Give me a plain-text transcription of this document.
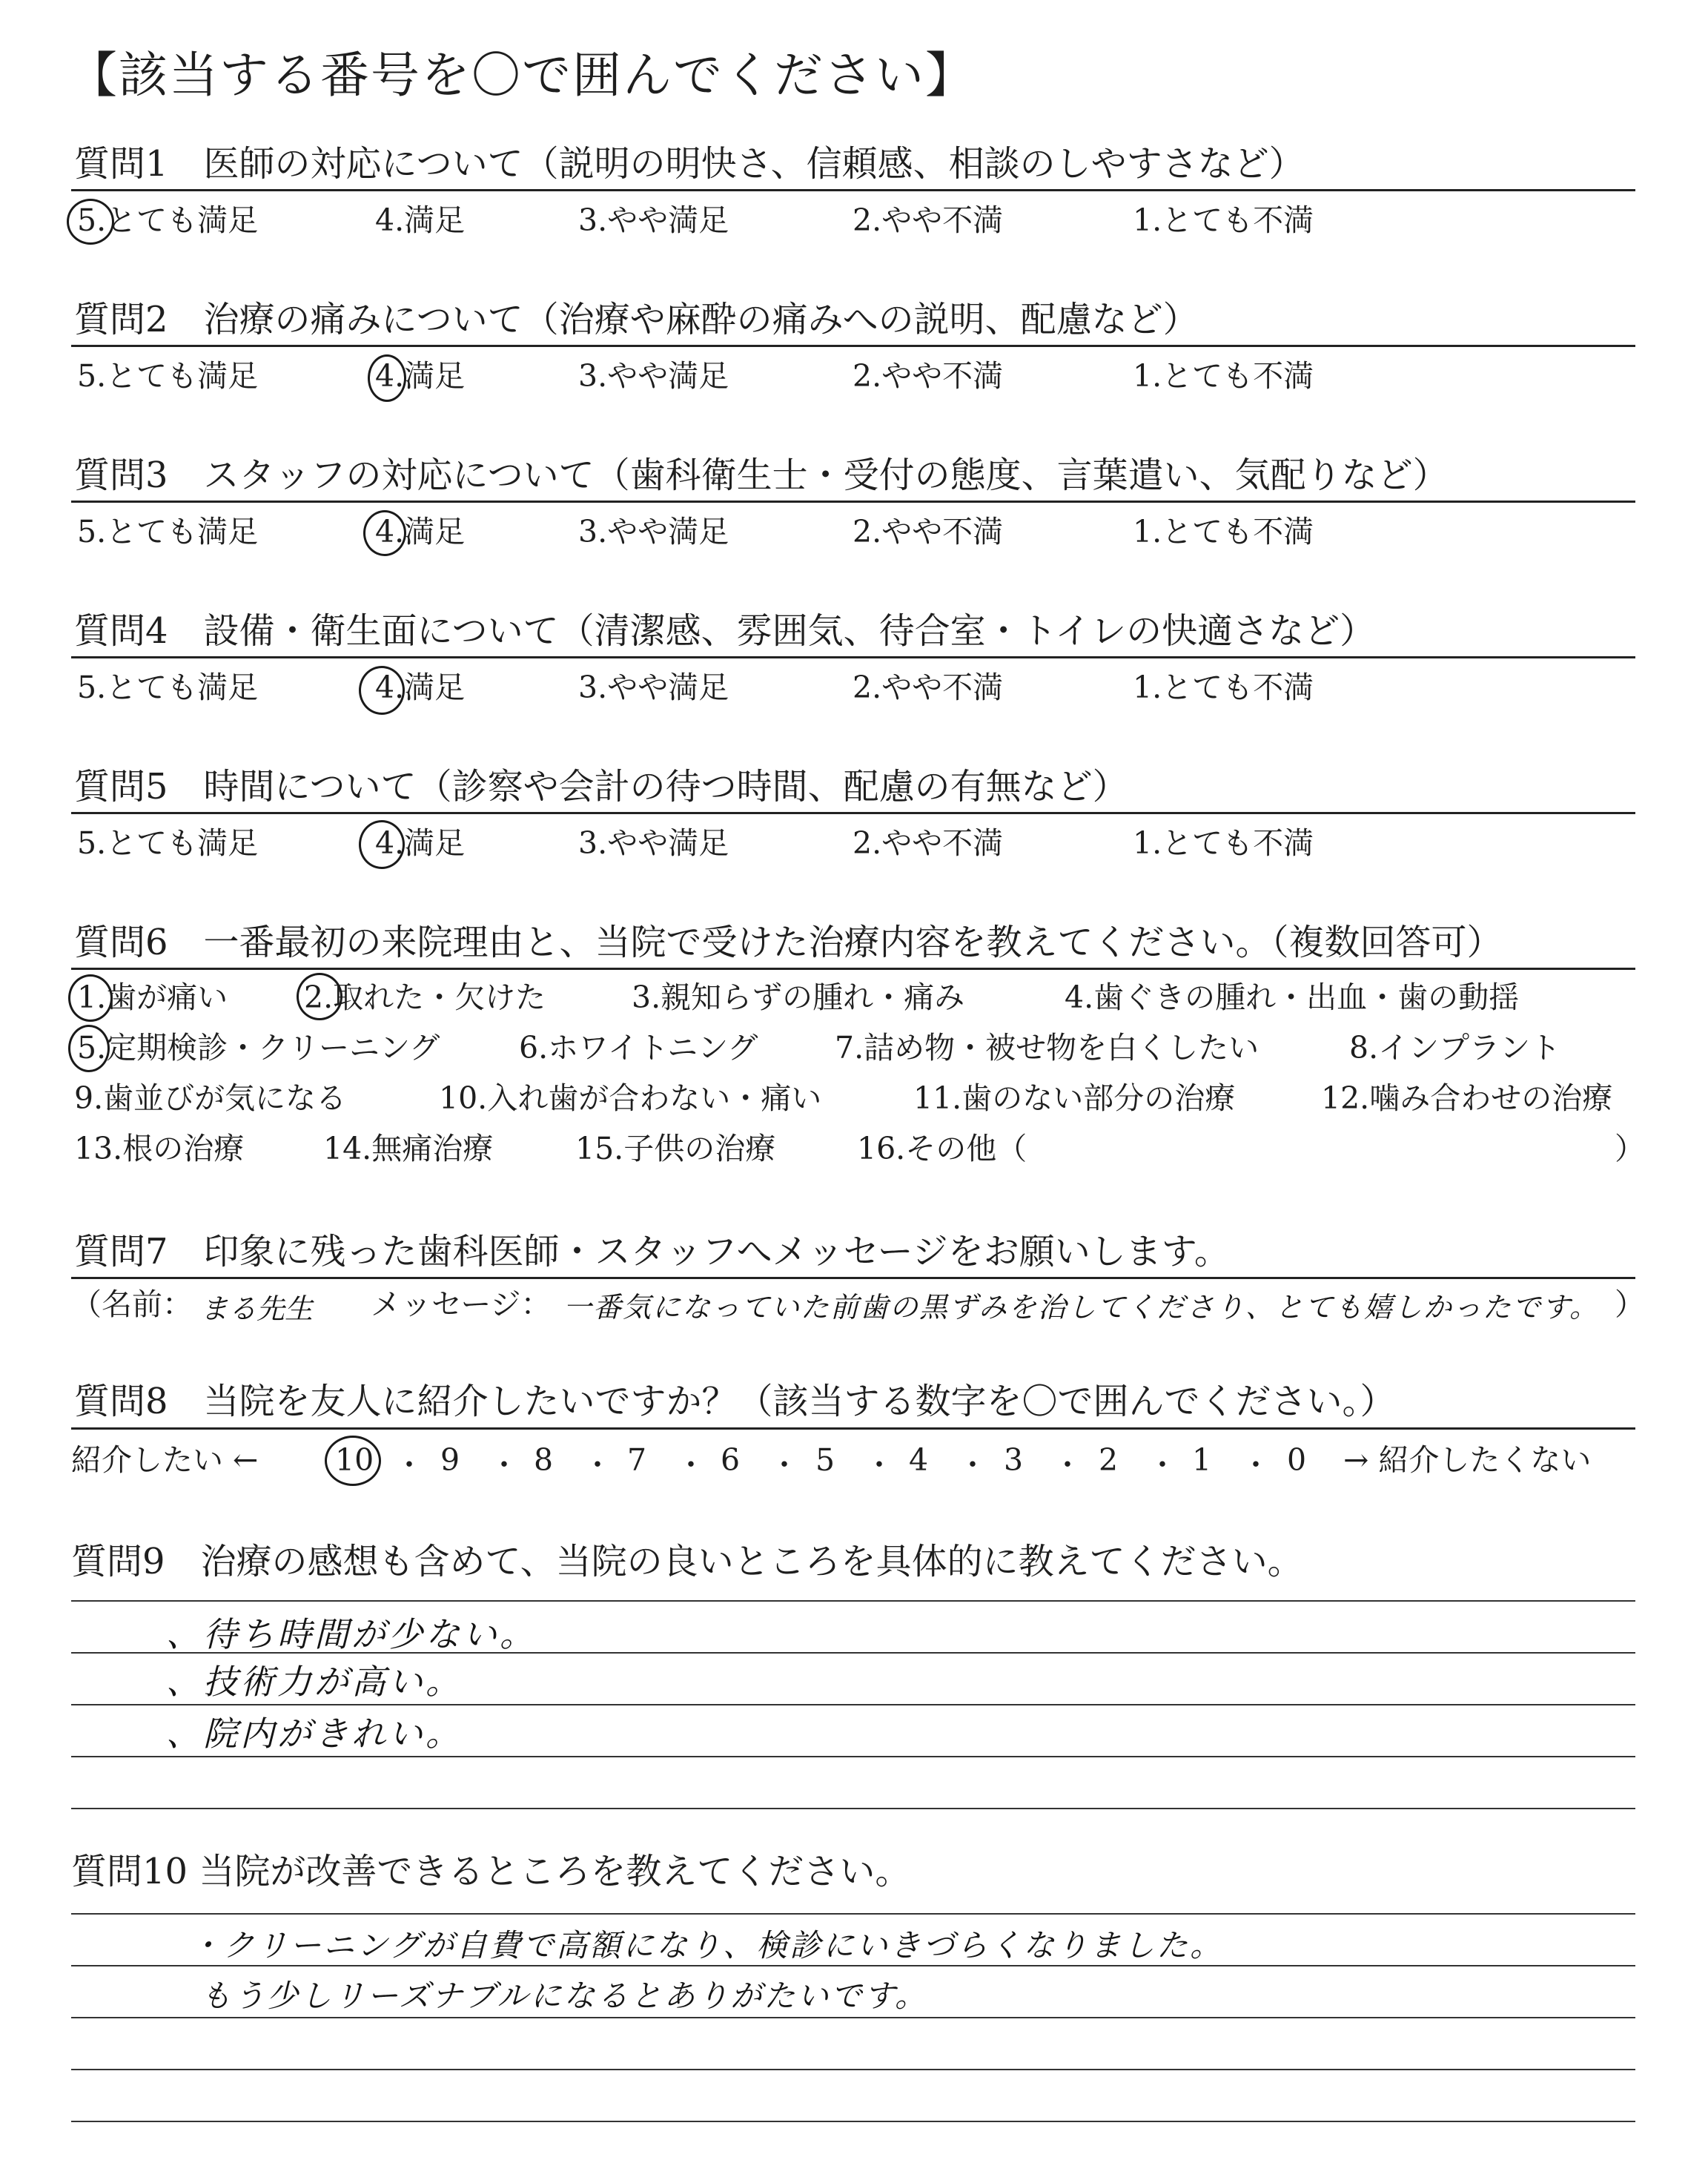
【該当する番号を〇で囲んでください】
質問1　医師の対応について（説明の明快さ、信頼感、相談のしやすさなど）
5.とても満足	4.満足	3.やや満足	2.やや不満	1.とても不満
質問2　治療の痛みについて（治療や麻酔の痛みへの説明、配慮など）
5.とても満足	4.満足	3.やや満足	2.やや不満	1.とても不満
質問3　スタッフの対応について（歯科衛生士・受付の態度、言葉遣い、気配りなど）
5.とても満足	4.満足	3.やや満足	2.やや不満	1.とても不満
質問4　設備・衛生面について（清潔感、雰囲気、待合室・トイレの快適さなど）
5.とても満足	4.満足	3.やや満足	2.やや不満	1.とても不満
質問5　時間について（診察や会計の待つ時間、配慮の有無など）
5.とても満足	4.満足	3.やや満足	2.やや不満	1.とても不満
質問6　一番最初の来院理由と、当院で受けた治療内容を教えてください。（複数回答可）
1.歯が痛い	2.取れた・欠けた	3.親知らずの腫れ・痛み	4.歯ぐきの腫れ・出血・歯の動揺
5.定期検診・クリーニング	6.ホワイトニング	7.詰め物・被せ物を白くしたい	8.インプラント
9.歯並びが気になる	10.入れ歯が合わない・痛い	11.歯のない部分の治療	12.噛み合わせの治療
13.根の治療	14.無痛治療	15.子供の治療	16.その他（	）
質問7　印象に残った歯科医師・スタッフへメッセージをお願いします。
（名前： まる先生 メッセージ： 一番気になっていた前歯の黒ずみを治してくださり、とても嬉しかったです。 ）
質問8　当院を友人に紹介したいですか？（該当する数字を〇で囲んでください。）
紹介したい ←	10 ・ 9 ・ 8 ・ 7 ・ 6 ・ 5 ・ 4 ・ 3 ・ 2 ・ 1 ・ 0 → 紹介したくない
質問9　治療の感想も含めて、当院の良いところを具体的に教えてください。
、待ち時間が少ない。
、技術力が高い。
、院内がきれい。
質問10 当院が改善できるところを教えてください。
・クリーニングが自費で高額になり、検診にいきづらくなりました。
もう少しリーズナブルになるとありがたいです。
